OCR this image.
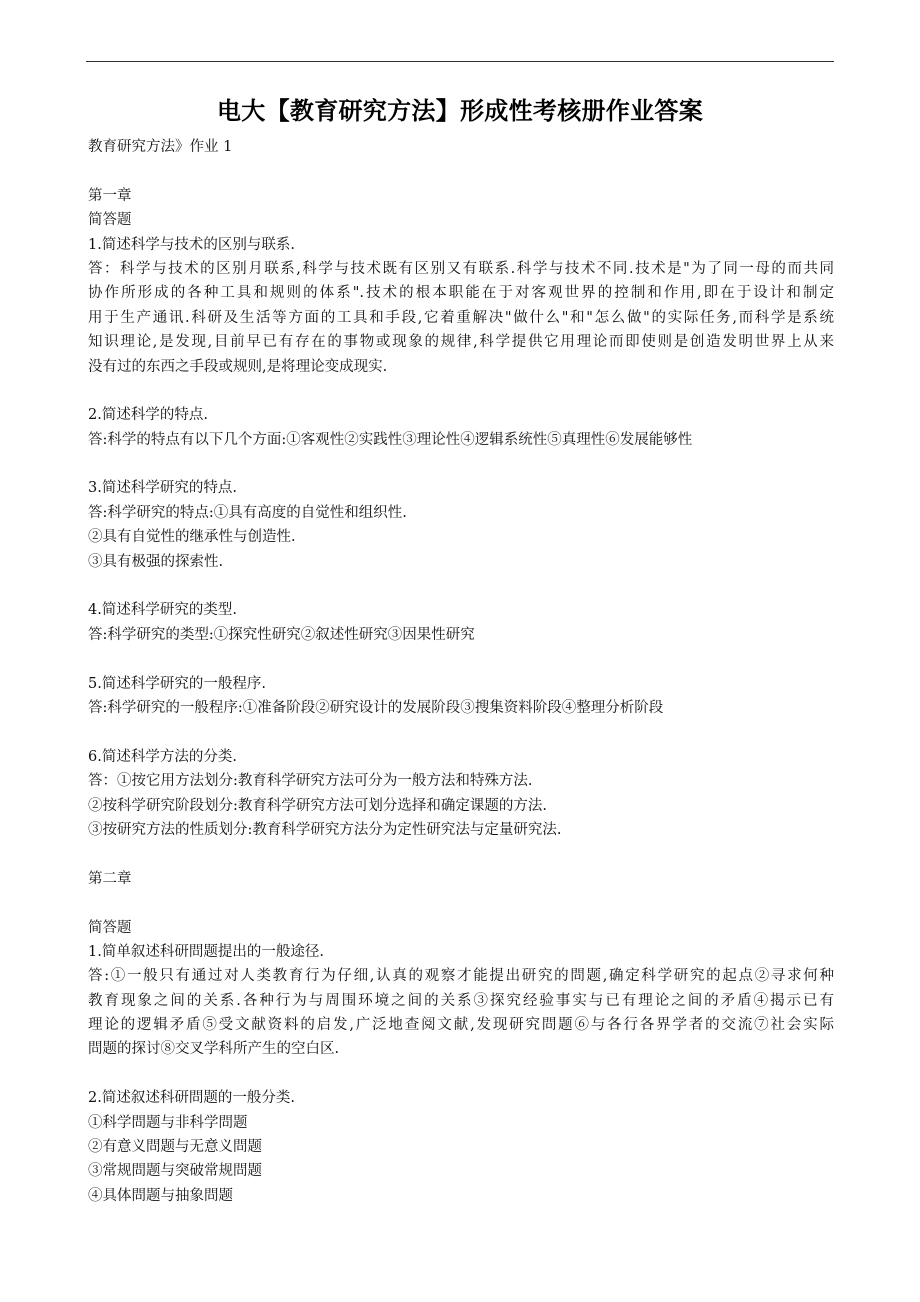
电大【教育研究方法】形成性考核册作业答案
教育研究方法》作业 1
第一章
简答题
1.简述科学与技术的区别与联系.
答：科学与技术的区别月联系,科学与技术既有区别又有联系.科学与技术不同.技术是"为了同一母的而共同
协作所形成的各种工具和规则的体系".技术的根本职能在于对客观世界的控制和作用,即在于设计和制定
用于生产通讯.科研及生活等方面的工具和手段,它着重解决"做什么"和"怎么做"的实际任务,而科学是系统
知识理论,是发现,目前早已有存在的事物或现象的规律,科学提供它用理论而即使则是创造发明世界上从来
没有过的东西之手段或规则,是将理论变成现实.
2.简述科学的特点.
答:科学的特点有以下几个方面:①客观性②实践性③理论性④逻辑系统性⑤真理性⑥发展能够性
3.简述科学研究的特点.
答:科学研究的特点:①具有高度的自觉性和组织性.
②具有自觉性的继承性与创造性.
③具有极强的探索性.
4.简述科学研究的类型.
答:科学研究的类型:①探究性研究②叙述性研究③因果性研究
5.简述科学研究的一般程序.
答:科学研究的一般程序:①准备阶段②研究设计的发展阶段③搜集资料阶段④整理分析阶段
6.简述科学方法的分类.
答：①按它用方法划分:教育科学研究方法可分为一般方法和特殊方法.
②按科学研究阶段划分:教育科学研究方法可划分选择和确定课题的方法.
③按研究方法的性质划分:教育科学研究方法分为定性研究法与定量研究法.
第二章
简答题
1.简单叙述科研問题提出的一般途径.
答:①一般只有通过对人类教育行为仔细,认真的观察才能提出研究的問题,确定科学研究的起点②寻求何种
教育现象之间的关系.各种行为与周围环境之间的关系③探究经验事实与已有理论之间的矛盾④揭示已有
理论的逻辑矛盾⑤受文献资料的启发,广泛地查阅文献,发现研究問题⑥与各行各界学者的交流⑦社会实际
問题的探讨⑧交叉学科所产生的空白区.
2.简述叙述科研問题的一般分类.
①科学問题与非科学問题
②有意义問题与无意义問题
③常规問题与突破常规問题
④具体問题与抽象問题
